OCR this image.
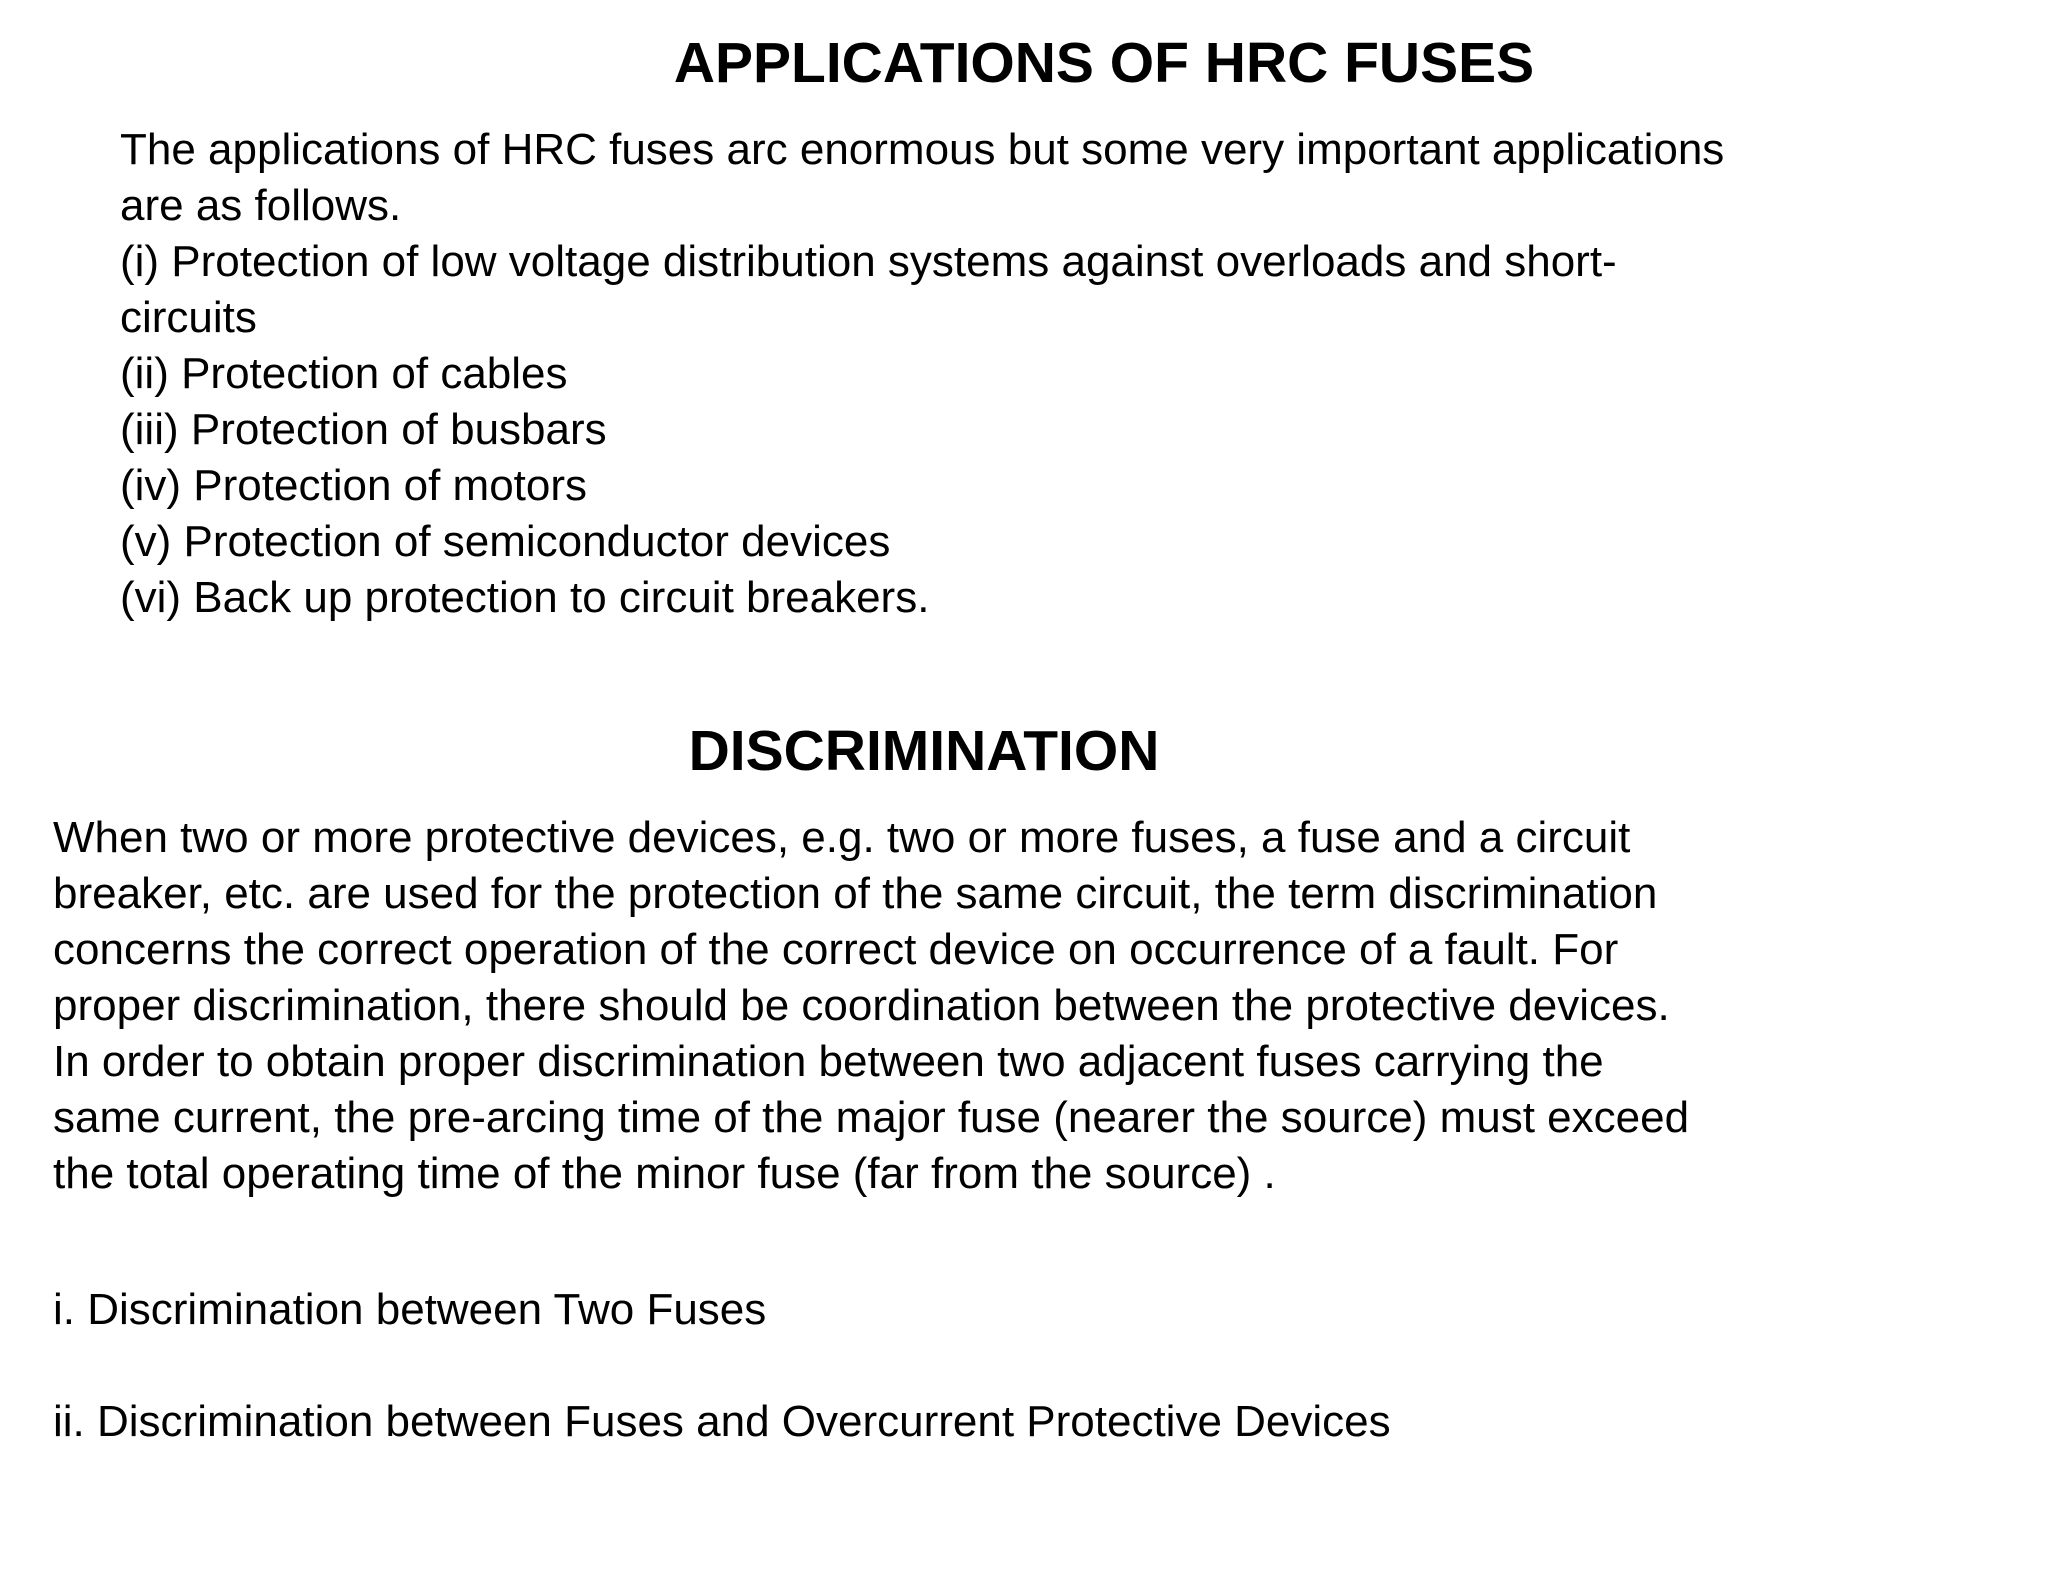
APPLICATIONS OF HRC FUSES
The applications of HRC fuses arc enormous but some very important applications
are as follows.
(i) Protection of low voltage distribution systems against overloads and short-
circuits
(ii) Protection of cables
(iii) Protection of busbars
(iv) Protection of motors
(v) Protection of semiconductor devices
(vi) Back up protection to circuit breakers.
DISCRIMINATION
When two or more protective devices, e.g. two or more fuses, a fuse and a circuit
breaker, etc. are used for the protection of the same circuit, the term discrimination
concerns the correct operation of the correct device on occurrence of a fault. For
proper discrimination, there should be coordination between the protective devices.
In order to obtain proper discrimination between two adjacent fuses carrying the
same current, the pre-arcing time of the major fuse (nearer the source) must exceed
the total operating time of the minor fuse (far from the source) .

i. Discrimination between Two Fuses

ii. Discrimination between Fuses and Overcurrent Protective Devices
